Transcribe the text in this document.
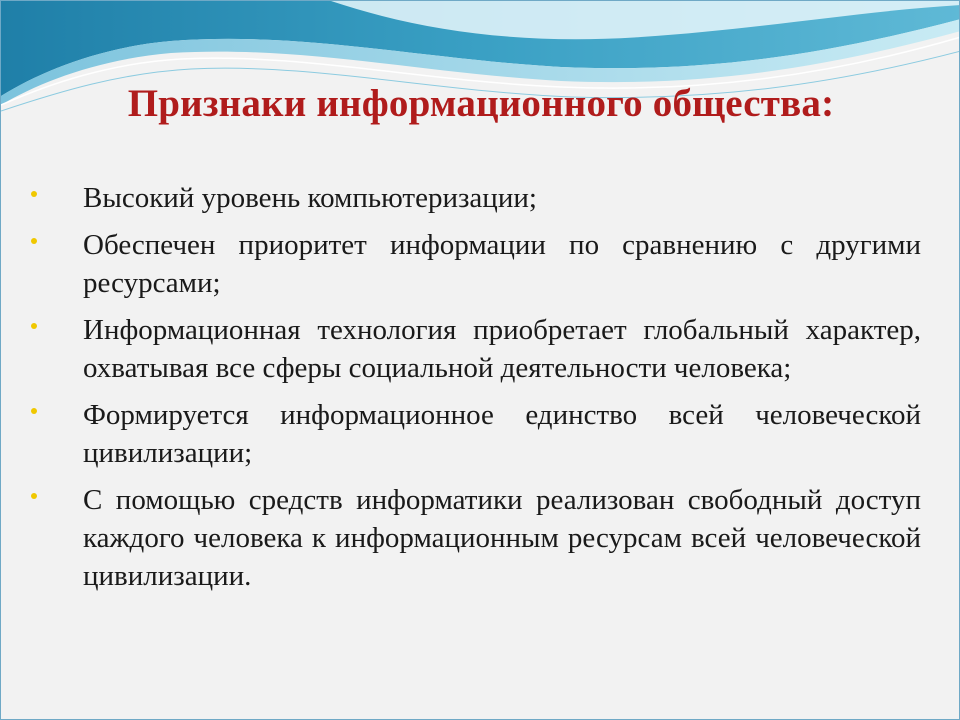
Признаки информационного общества:
Высокий уровень компьютеризации;
Обеспечен приоритет информации по сравнению с другими ресурсами;
Информационная технология приобретает глобальный характер, охватывая все сферы социальной деятельности человека;
Формируется информационное единство всей человеческой цивилизации;
С помощью средств информатики реализован свободный доступ каждого человека к информационным ресурсам всей человеческой цивилизации.
